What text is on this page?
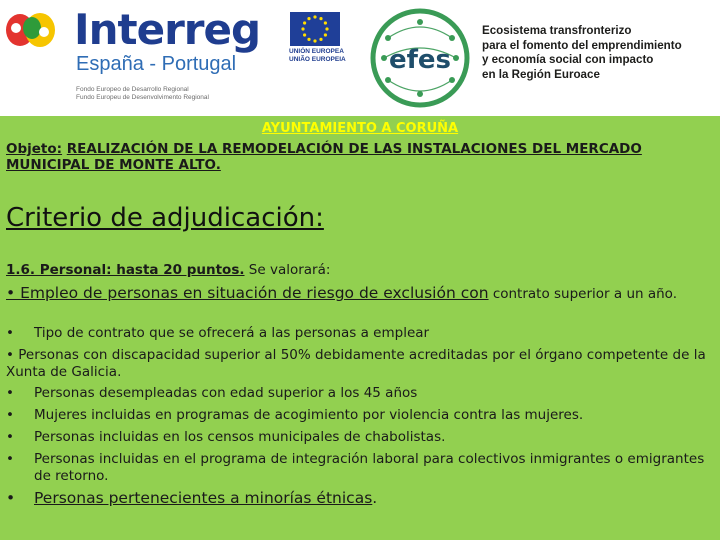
Interreg
España - Portugal
Fondo Europeo de Desarrollo Regional
Fundo Europeu de Desenvolvimento Regional
UNIÓN EUROPEA
UNIÃO EUROPEIA efes
Ecosistema transfronterizo
para el fomento del emprendimiento
y economía social con impacto
en la Región Euroace
AYUNTAMIENTO A CORUÑA
Objeto: REALIZACIÓN DE LA REMODELACIÓN DE LAS INSTALACIONES DEL MERCADO MUNICIPAL DE MONTE ALTO.
Criterio de adjudicación:
1.6. Personal: hasta 20 puntos. Se valorará:
• Empleo de personas en situación de riesgo de exclusión con contrato superior a un año.
• Tipo de contrato que se ofrecerá a las personas a emplear
• Personas con discapacidad superior al 50% debidamente acreditadas por el órgano competente de la Xunta de Galicia.
• Personas desempleadas con edad superior a los 45 años
• Mujeres incluidas en programas de acogimiento por violencia contra las mujeres.
• Personas incluidas en los censos municipales de chabolistas.
• Personas incluidas en el programa de integración laboral para colectivos inmigrantes o emigrantes de retorno.
• Personas pertenecientes a minorías étnicas.
